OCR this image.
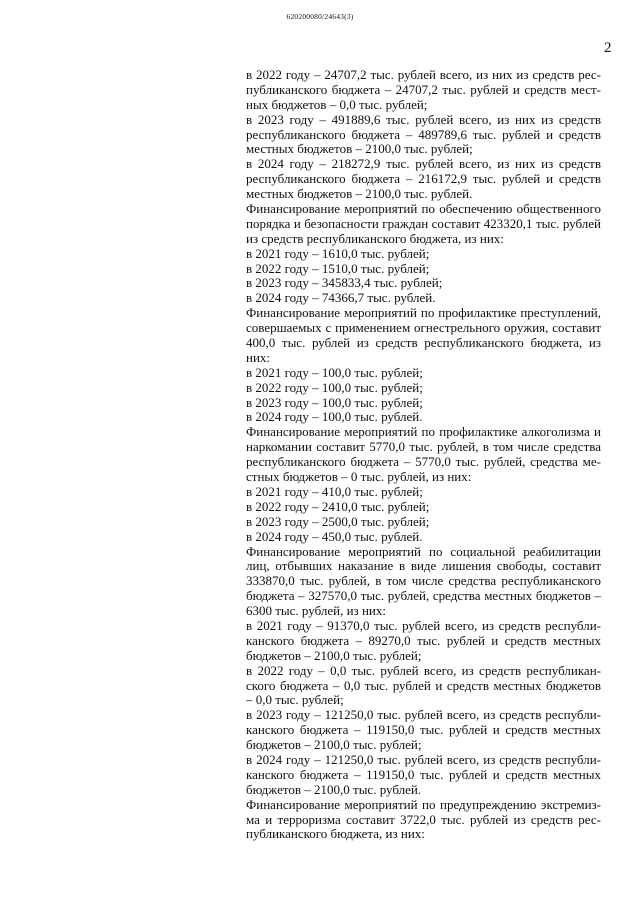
620200080/24643(3)
2
в 2022 году – 24707,2 тыс. рублей всего, из них из средств рес-
публиканского бюджета – 24707,2 тыс. рублей и средств мест-
ных бюджетов – 0,0 тыс. рублей;
в 2023 году – 491889,6 тыс. рублей всего, из них из средств
республиканского бюджета – 489789,6 тыс. рублей и средств
местных бюджетов – 2100,0 тыс. рублей;
в 2024 году – 218272,9 тыс. рублей всего, из них из средств
республиканского бюджета – 216172,9 тыс. рублей и средств
местных бюджетов – 2100,0 тыс. рублей.
Финансирование мероприятий по обеспечению общественного
порядка и безопасности граждан составит 423320,1 тыс. рублей
из средств республиканского бюджета, из них:
в 2021 году – 1610,0 тыс. рублей;
в 2022 году – 1510,0 тыс. рублей;
в 2023 году – 345833,4 тыс. рублей;
в 2024 году – 74366,7 тыс. рублей.
Финансирование мероприятий по профилактике преступлений,
совершаемых с применением огнестрельного оружия, составит
400,0 тыс. рублей из средств республиканского бюджета, из
них:
в 2021 году – 100,0 тыс. рублей;
в 2022 году – 100,0 тыс. рублей;
в 2023 году – 100,0 тыс. рублей;
в 2024 году – 100,0 тыс. рублей.
Финансирование мероприятий по профилактике алкоголизма и
наркомании составит 5770,0 тыс. рублей, в том числе средства
республиканского бюджета – 5770,0 тыс. рублей, средства ме-
стных бюджетов – 0 тыс. рублей, из них:
в 2021 году – 410,0 тыс. рублей;
в 2022 году – 2410,0 тыс. рублей;
в 2023 году – 2500,0 тыс. рублей;
в 2024 году – 450,0 тыс. рублей.
Финансирование мероприятий по социальной реабилитации
лиц, отбывших наказание в виде лишения свободы, составит
333870,0 тыс. рублей, в том числе средства республиканского
бюджета – 327570,0 тыс. рублей, средства местных бюджетов –
6300 тыс. рублей, из них:
в 2021 году – 91370,0 тыс. рублей всего, из средств республи-
канского бюджета – 89270,0 тыс. рублей и средств местных
бюджетов – 2100,0 тыс. рублей;
в 2022 году – 0,0 тыс. рублей всего, из средств республикан-
ского бюджета – 0,0 тыс. рублей и средств местных бюджетов
– 0,0 тыс. рублей;
в 2023 году – 121250,0 тыс. рублей всего, из средств республи-
канского бюджета – 119150,0 тыс. рублей и средств местных
бюджетов – 2100,0 тыс. рублей;
в 2024 году – 121250,0 тыс. рублей всего, из средств республи-
канского бюджета – 119150,0 тыс. рублей и средств местных
бюджетов – 2100,0 тыс. рублей.
Финансирование мероприятий по предупреждению экстремиз-
ма и терроризма составит 3722,0 тыс. рублей из средств рес-
публиканского бюджета, из них:
